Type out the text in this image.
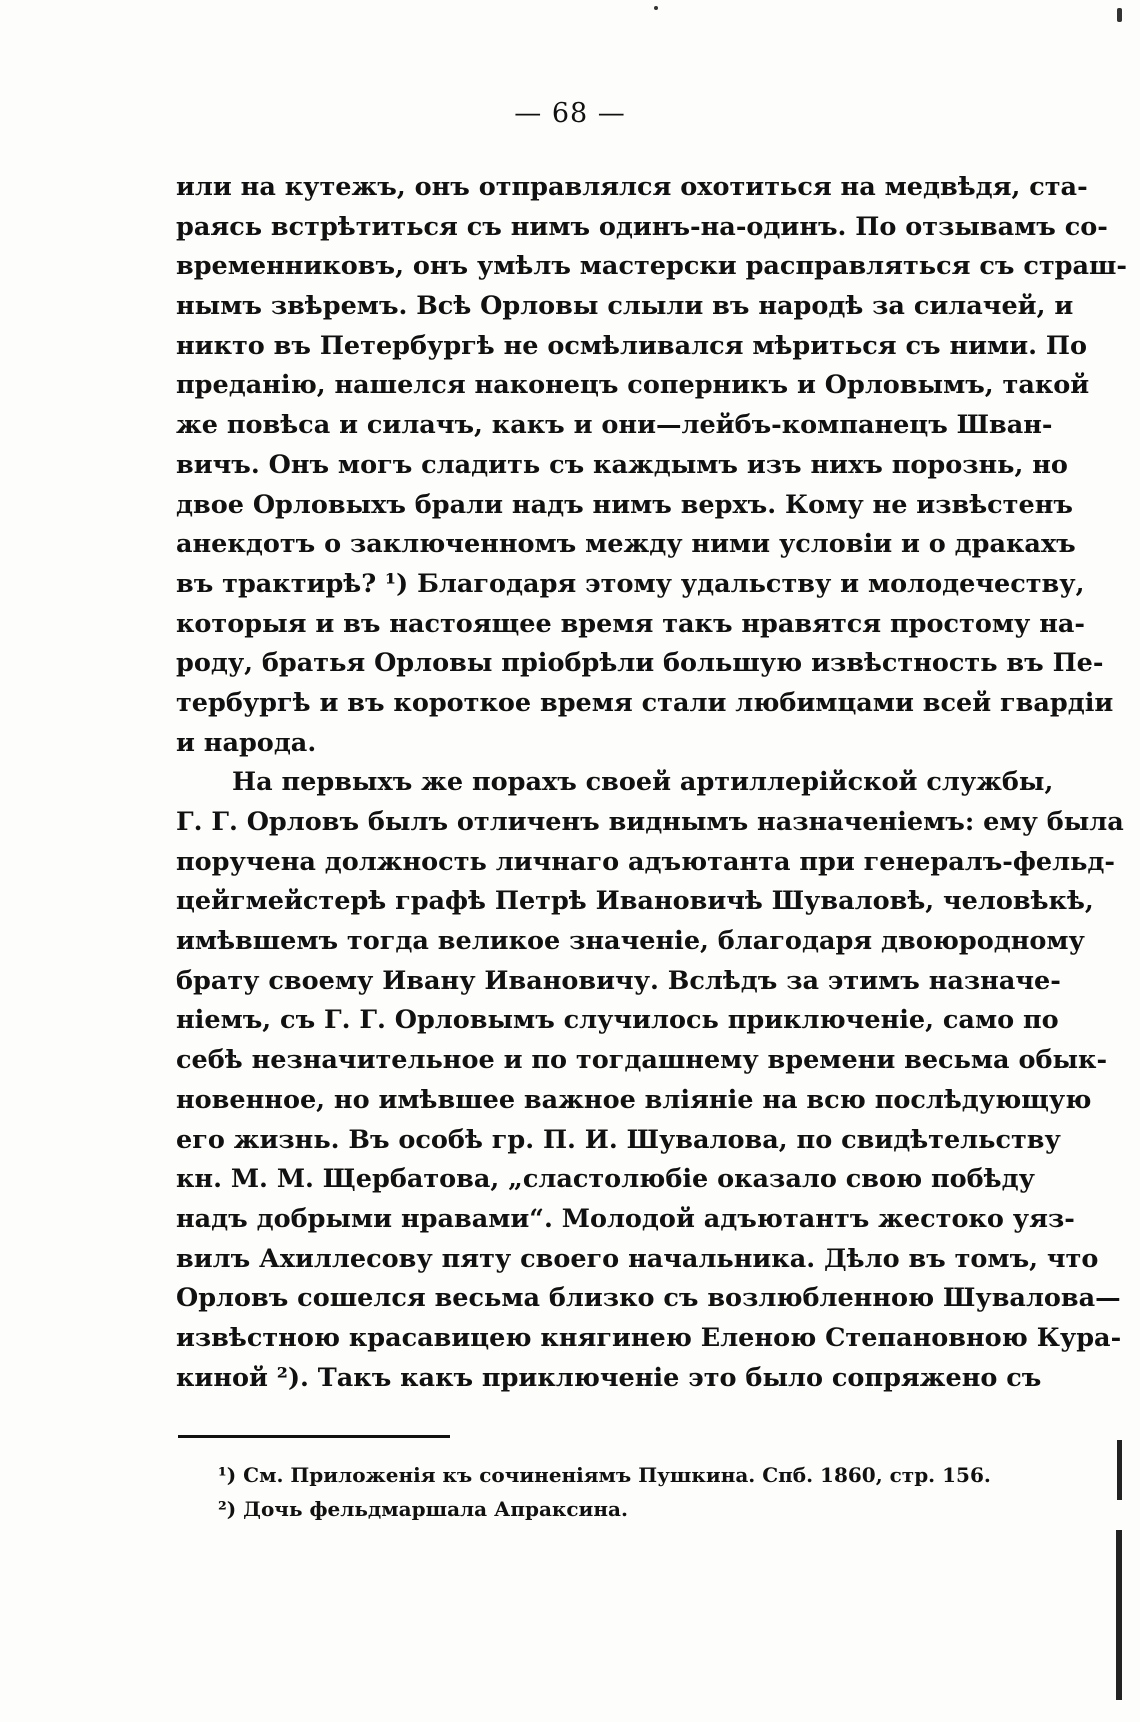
— 68 —
или на кутежъ, онъ отправлялся охотиться на медвѣдя, ста-
раясь встрѣтиться съ нимъ одинъ-на-одинъ. По отзывамъ со-
временниковъ, онъ умѣлъ мастерски расправляться съ страш-
нымъ звѣремъ. Всѣ Орловы слыли въ народѣ за силачей, и
никто въ Петербургѣ не осмѣливался мѣриться съ ними. По
преданію, нашелся наконецъ соперникъ и Орловымъ, такой
же повѣса и силачъ, какъ и они—лейбъ-компанецъ Шван-
вичъ. Онъ могъ сладить съ каждымъ изъ нихъ порознь, но
двое Орловыхъ брали надъ нимъ верхъ. Кому не извѣстенъ
анекдотъ о заключенномъ между ними условіи и о дракахъ
въ трактирѣ? ¹) Благодаря этому удальству и молодечеству,
которыя и въ настоящее время такъ нравятся простому на-
роду, братья Орловы пріобрѣли большую извѣстность въ Пе-
тербургѣ и въ короткое время стали любимцами всей гвардіи
и народа.
На первыхъ же порахъ своей артиллерійской службы,
Г. Г. Орловъ былъ отличенъ виднымъ назначеніемъ: ему была
поручена должность личнаго адъютанта при генералъ-фельд-
цейгмейстерѣ графѣ Петрѣ Ивановичѣ Шуваловѣ, человѣкѣ,
имѣвшемъ тогда великое значеніе, благодаря двоюродному
брату своему Ивану Ивановичу. Вслѣдъ за этимъ назначе-
ніемъ, съ Г. Г. Орловымъ случилось приключеніе, само по
себѣ незначительное и по тогдашнему времени весьма обык-
новенное, но имѣвшее важное вліяніе на всю послѣдующую
его жизнь. Въ особѣ гр. П. И. Шувалова, по свидѣтельству
кн. М. М. Щербатова, „сластолюбіе оказало свою побѣду
надъ добрыми нравами“. Молодой адъютантъ жестоко уяз-
вилъ Ахиллесову пяту своего начальника. Дѣло въ томъ, что
Орловъ сошелся весьма близко съ возлюбленною Шувалова—
извѣстною красавицею княгинею Еленою Степановною Кура-
киной ²). Такъ какъ приключеніе это было сопряжено съ
¹) См. Приложенія къ сочиненіямъ Пушкина. Спб. 1860, стр. 156.
²) Дочь фельдмаршала Апраксина.
